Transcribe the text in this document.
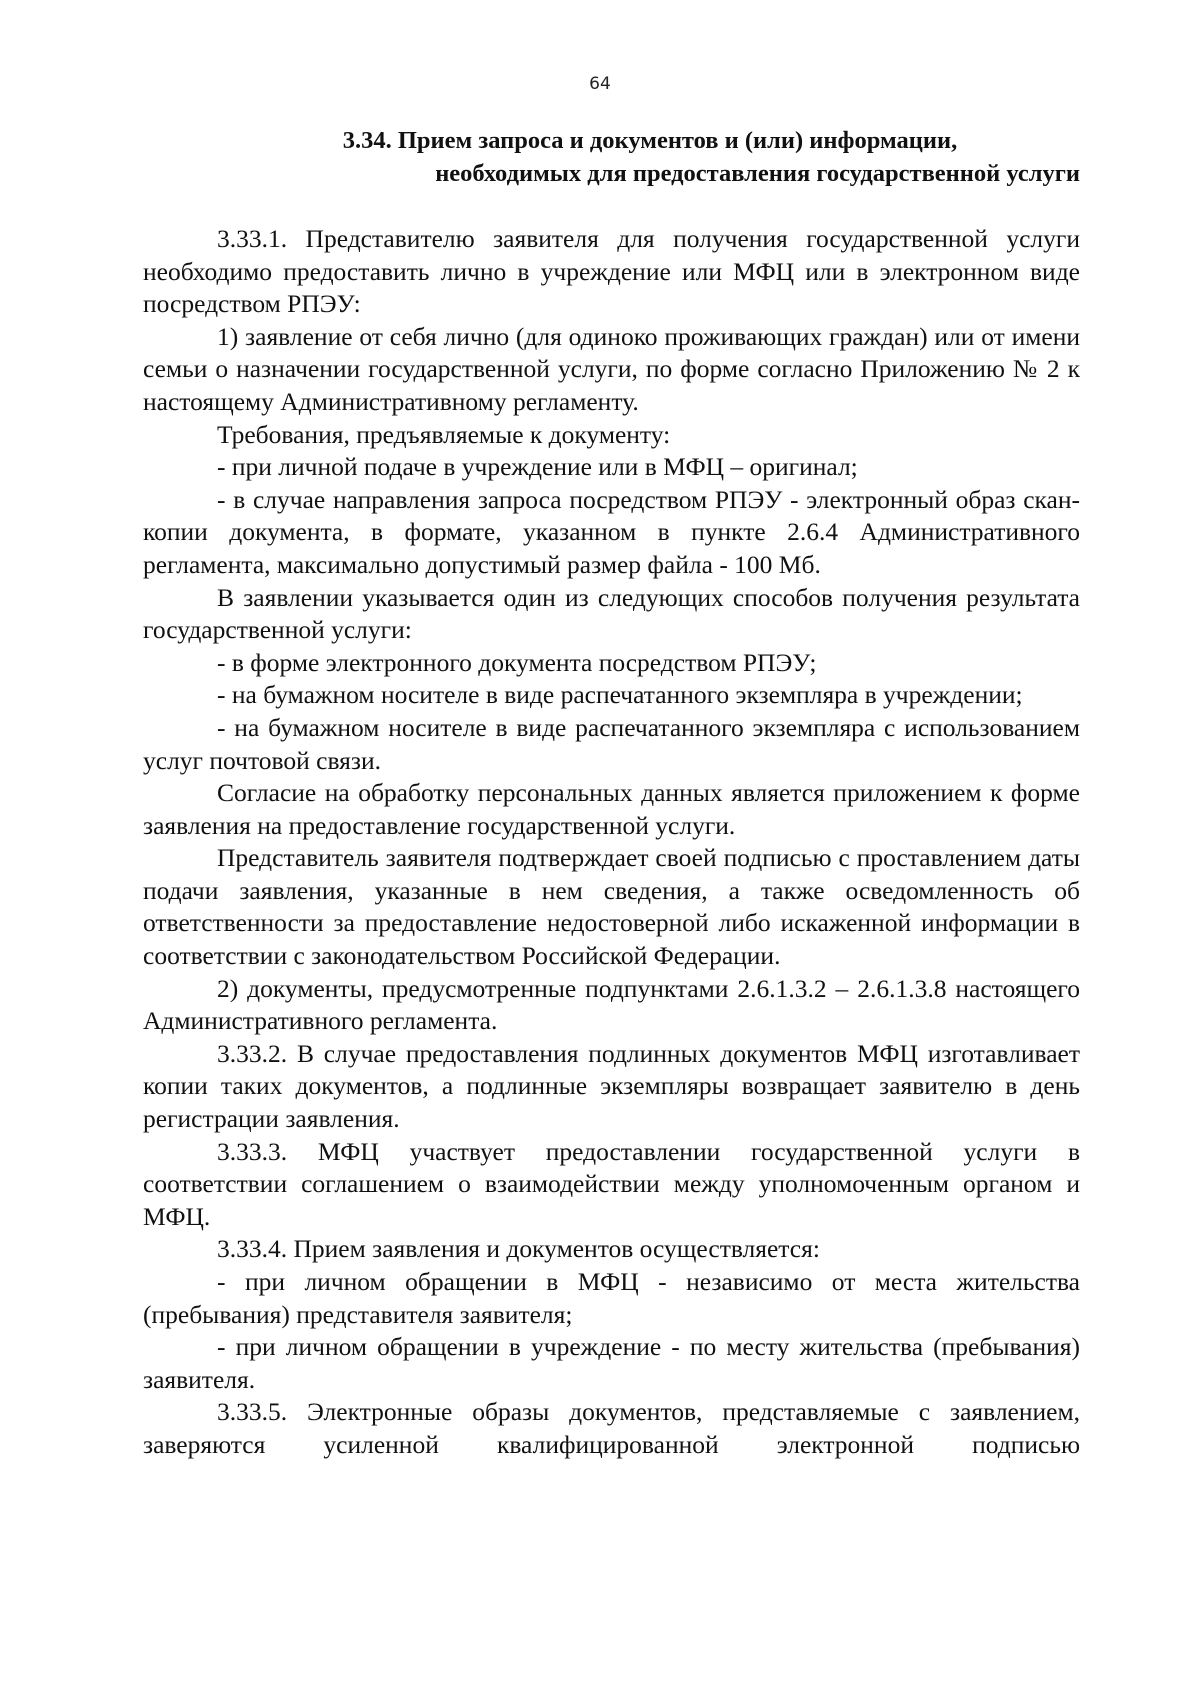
64

3.34. Прием запроса и документов и (или) информации,
необходимых для предоставления государственной услуги

3.33.1. Представителю заявителя для получения государственной услуги необходимо предоставить лично в учреждение или МФЦ или в электронном виде посредством РПЭУ:

1) заявление от себя лично (для одиноко проживающих граждан) или от имени семьи о назначении государственной услуги, по форме согласно Приложению № 2 к настоящему Административному регламенту.

Требования, предъявляемые к документу:

- при личной подаче в учреждение или в МФЦ – оригинал;

- в случае направления запроса посредством РПЭУ - электронный образ скан-копии документа, в формате, указанном в пункте 2.6.4 Административного регламента, максимально допустимый размер файла - 100 Мб.

В заявлении указывается один из следующих способов получения результата государственной услуги:

- в форме электронного документа посредством РПЭУ;

- на бумажном носителе в виде распечатанного экземпляра в учреждении;

- на бумажном носителе в виде распечатанного экземпляра с использованием услуг почтовой связи.

Согласие на обработку персональных данных является приложением к форме заявления на предоставление государственной услуги.

Представитель заявителя подтверждает своей подписью с проставлением даты подачи заявления, указанные в нем сведения, а также осведомленность об ответственности за предоставление недостоверной либо искаженной информации в соответствии с законодательством Российской Федерации.

2) документы, предусмотренные подпунктами 2.6.1.3.2 – 2.6.1.3.8 настоящего Административного регламента.

3.33.2. В случае предоставления подлинных документов МФЦ изготавливает копии таких документов, а подлинные экземпляры возвращает заявителю в день регистрации заявления.

3.33.3. МФЦ участвует предоставлении государственной услуги в соответствии соглашением о взаимодействии между уполномоченным органом и МФЦ.

3.33.4. Прием заявления и документов осуществляется:

- при личном обращении в МФЦ - независимо от места жительства (пребывания) представителя заявителя;

- при личном обращении в учреждение - по месту жительства (пребывания) заявителя.

3.33.5. Электронные образы документов, представляемые с заявлением, заверяются усиленной квалифицированной электронной подписью
